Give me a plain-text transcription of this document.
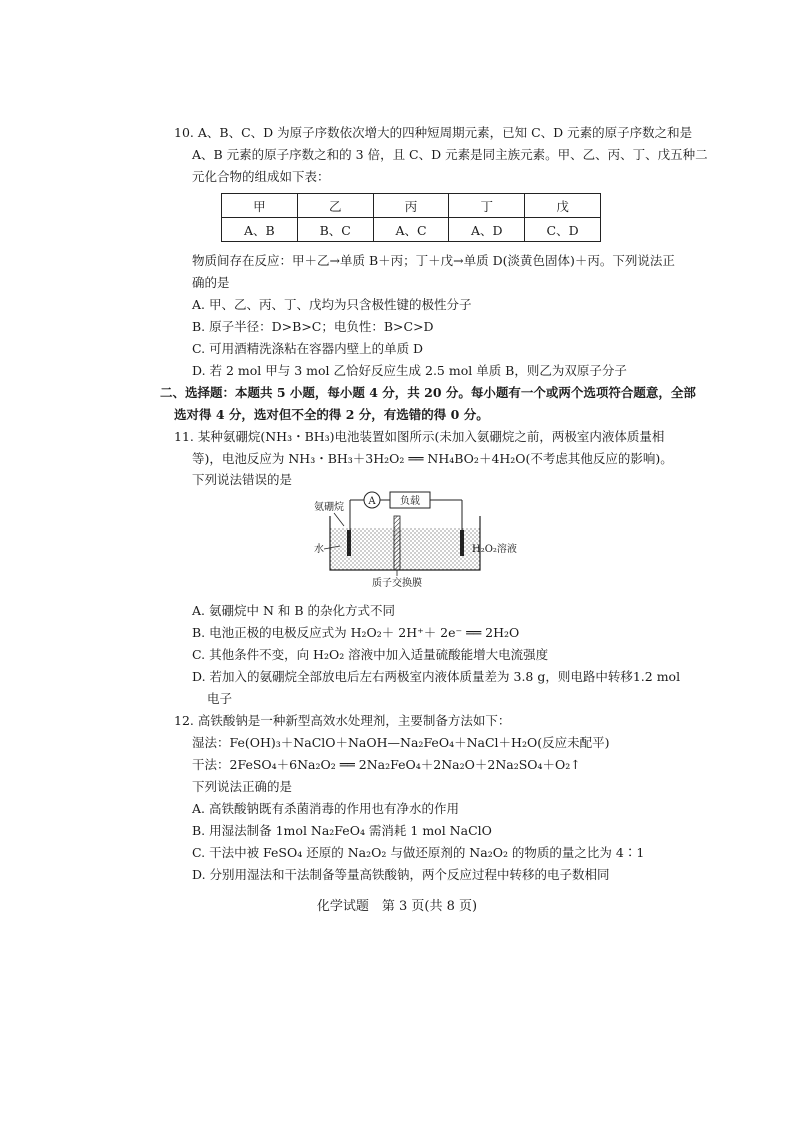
10. A、B、C、D 为原子序数依次增大的四种短周期元素，已知 C、D 元素的原子序数之和是
A、B 元素的原子序数之和的 3 倍，且 C、D 元素是同主族元素。甲、乙、丙、丁、戊五种二
元化合物的组成如下表：
甲	乙	丙	丁	戊
A、B	B、C	A、C	A、D	C、D
物质间存在反应：甲＋乙→单质 B＋丙；丁＋戊→单质 D(淡黄色固体)＋丙。下列说法正
确的是
A. 甲、乙、丙、丁、戊均为只含极性键的极性分子
B. 原子半径：D>B>C；电负性：B>C>D
C. 可用酒精洗涤粘在容器内壁上的单质 D
D. 若 2 mol 甲与 3 mol 乙恰好反应生成 2.5 mol 单质 B，则乙为双原子分子
二、选择题：本题共 5 小题，每小题 4 分，共 20 分。每小题有一个或两个选项符合题意，全部
选对得 4 分，选对但不全的得 2 分，有选错的得 0 分。
11. 某种氨硼烷(NH₃・BH₃)电池装置如图所示(未加入氨硼烷之前，两极室内液体质量相
等)，电池反应为 NH₃・BH₃＋3H₂O₂ ══ NH₄BO₂＋4H₂O(不考虑其他反应的影响)。
下列说法错误的是
A 负载
氨硼烷
水	H₂O₂溶液
质子交换膜
A. 氨硼烷中 N 和 B 的杂化方式不同
B. 电池正极的电极反应式为 H₂O₂＋ 2H⁺＋ 2e⁻ ══ 2H₂O
C. 其他条件不变，向 H₂O₂ 溶液中加入适量硫酸能增大电流强度
D. 若加入的氨硼烷全部放电后左右两极室内液体质量差为 3.8 g，则电路中转移1.2 mol
电子
12. 高铁酸钠是一种新型高效水处理剂，主要制备方法如下：
湿法：Fe(OH)₃＋NaClO＋NaOH—Na₂FeO₄＋NaCl＋H₂O(反应未配平)
干法：2FeSO₄＋6Na₂O₂ ══ 2Na₂FeO₄＋2Na₂O＋2Na₂SO₄＋O₂↑
下列说法正确的是
A. 高铁酸钠既有杀菌消毒的作用也有净水的作用
B. 用湿法制备 1mol Na₂FeO₄ 需消耗 1 mol NaClO
C. 干法中被 FeSO₄ 还原的 Na₂O₂ 与做还原剂的 Na₂O₂ 的物质的量之比为 4∶1
D. 分别用湿法和干法制备等量高铁酸钠，两个反应过程中转移的电子数相同
化学试题　第 3 页(共 8 页)
